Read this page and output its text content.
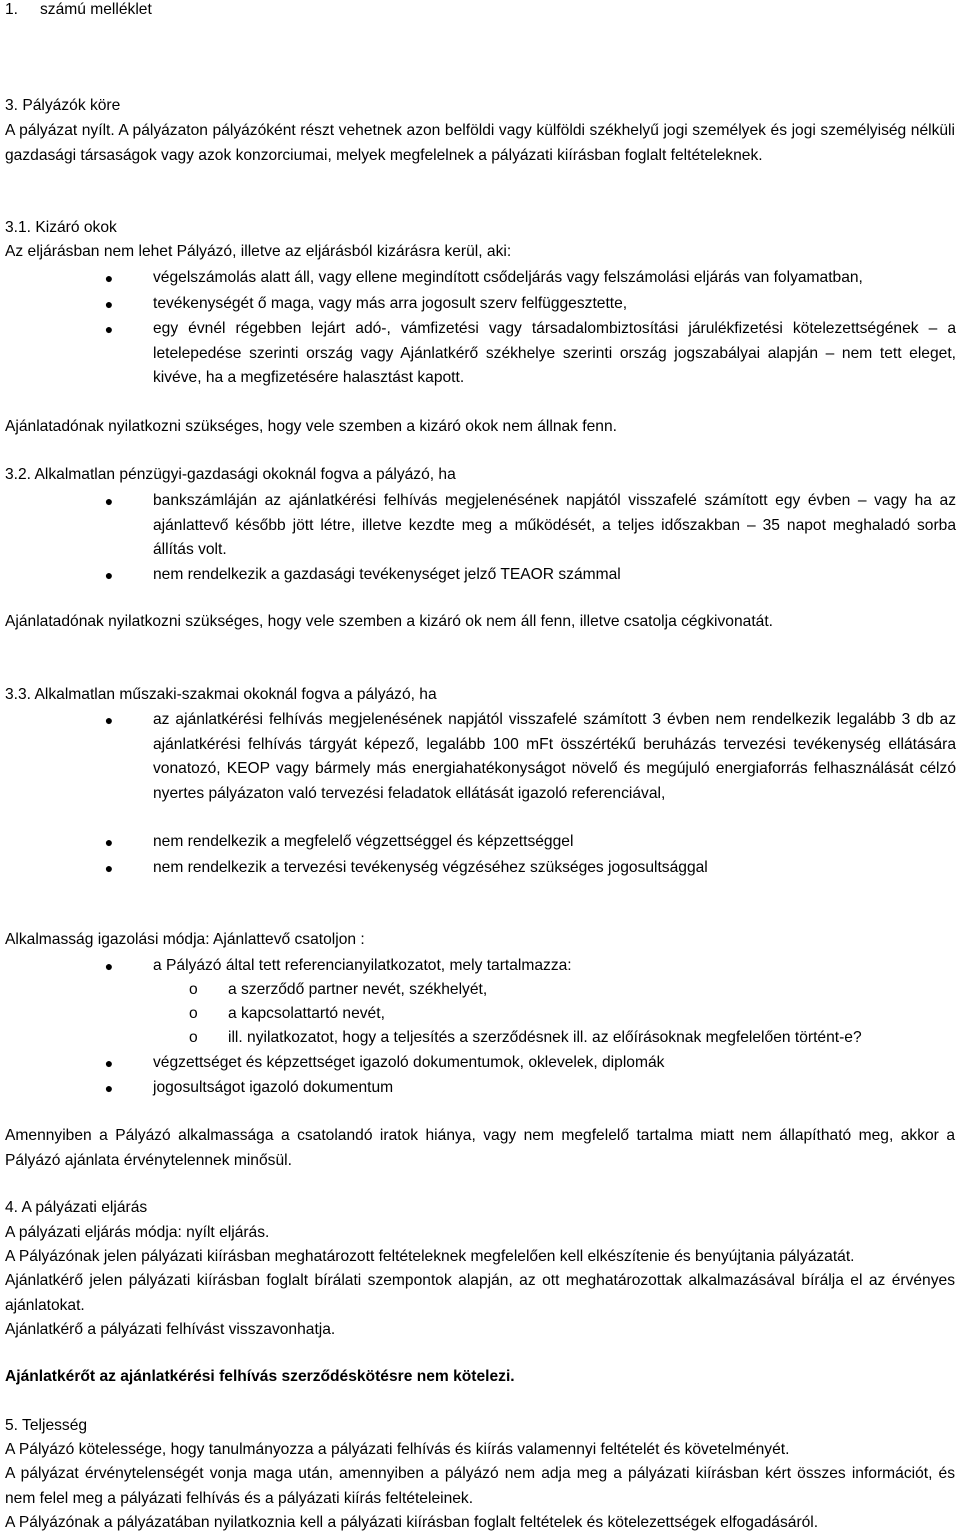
1. számú melléklet
3. Pályázók köre
A pályázat nyílt. A pályázaton pályázóként részt vehetnek azon belföldi vagy külföldi székhelyű jogi személyek és jogi személyiség nélküli gazdasági társaságok vagy azok konzorciumai, melyek megfelelnek a pályázati kiírásban foglalt feltételeknek.
3.1. Kizáró okok
Az eljárásban nem lehet Pályázó, illetve az eljárásból kizárásra kerül, aki:
●	végelszámolás alatt áll, vagy ellene megindított csődeljárás vagy felszámolási eljárás van folyamatban,
●	tevékenységét ő maga, vagy más arra jogosult szerv felfüggesztette,
●	egy évnél régebben lejárt adó-, vámfizetési vagy társadalombiztosítási járulékfizetési kötelezettségének – a letelepedése szerinti ország vagy Ajánlatkérő székhelye szerinti ország jogszabályai alapján – nem tett eleget, kivéve, ha a megfizetésére halasztást kapott.
Ajánlatadónak nyilatkozni szükséges, hogy vele szemben a kizáró okok nem állnak fenn.
3.2. Alkalmatlan pénzügyi-gazdasági okoknál fogva a pályázó, ha
●	bankszámláján az ajánlatkérési felhívás megjelenésének napjától visszafelé számított egy évben – vagy ha az ajánlattevő később jött létre, illetve kezdte meg a működését, a teljes időszakban – 35 napot meghaladó sorba állítás volt.
●	nem rendelkezik a gazdasági tevékenységet jelző TEAOR számmal
Ajánlatadónak nyilatkozni szükséges, hogy vele szemben a kizáró ok nem áll fenn, illetve csatolja cégkivonatát.
3.3. Alkalmatlan műszaki-szakmai okoknál fogva a pályázó, ha
●	az ajánlatkérési felhívás megjelenésének napjától visszafelé számított 3 évben nem rendelkezik legalább 3 db az ajánlatkérési felhívás tárgyát képező, legalább 100 mFt összértékű beruházás tervezési tevékenység ellátására vonatozó, KEOP vagy bármely más energiahatékonyságot növelő és megújuló energiaforrás felhasználását célzó nyertes pályázaton való tervezési feladatok ellátását igazoló referenciával,
●	nem rendelkezik a megfelelő végzettséggel és képzettséggel
●	nem rendelkezik a tervezési tevékenység végzéséhez szükséges jogosultsággal
Alkalmasság igazolási módja: Ajánlattevő csatoljon :
●	a Pályázó által tett referencianyilatkozatot, mely tartalmazza:
o a szerződő partner nevét, székhelyét,
o a kapcsolattartó nevét,
o ill. nyilatkozatot, hogy a teljesítés a szerződésnek ill. az előírásoknak megfelelően történt-e?
●	végzettséget és képzettséget igazoló dokumentumok, oklevelek, diplomák
●	jogosultságot igazoló dokumentum
Amennyiben a Pályázó alkalmassága a csatolandó iratok hiánya, vagy nem megfelelő tartalma miatt nem állapítható meg, akkor a Pályázó ajánlata érvénytelennek minősül.
4. A pályázati eljárás
A pályázati eljárás módja: nyílt eljárás.
A Pályázónak jelen pályázati kiírásban meghatározott feltételeknek megfelelően kell elkészítenie és benyújtania pályázatát.
Ajánlatkérő jelen pályázati kiírásban foglalt bírálati szempontok alapján, az ott meghatározottak alkalmazásával bírálja el az érvényes ajánlatokat.
Ajánlatkérő a pályázati felhívást visszavonhatja.
Ajánlatkérőt az ajánlatkérési felhívás szerződéskötésre nem kötelezi.
5. Teljesség
A Pályázó kötelessége, hogy tanulmányozza a pályázati felhívás és kiírás valamennyi feltételét és követelményét.
A pályázat érvénytelenségét vonja maga után, amennyiben a pályázó nem adja meg a pályázati kiírásban kért összes információt, és nem felel meg a pályázati felhívás és a pályázati kiírás feltételeinek.
A Pályázónak a pályázatában nyilatkoznia kell a pályázati kiírásban foglalt feltételek és kötelezettségek elfogadásáról.
